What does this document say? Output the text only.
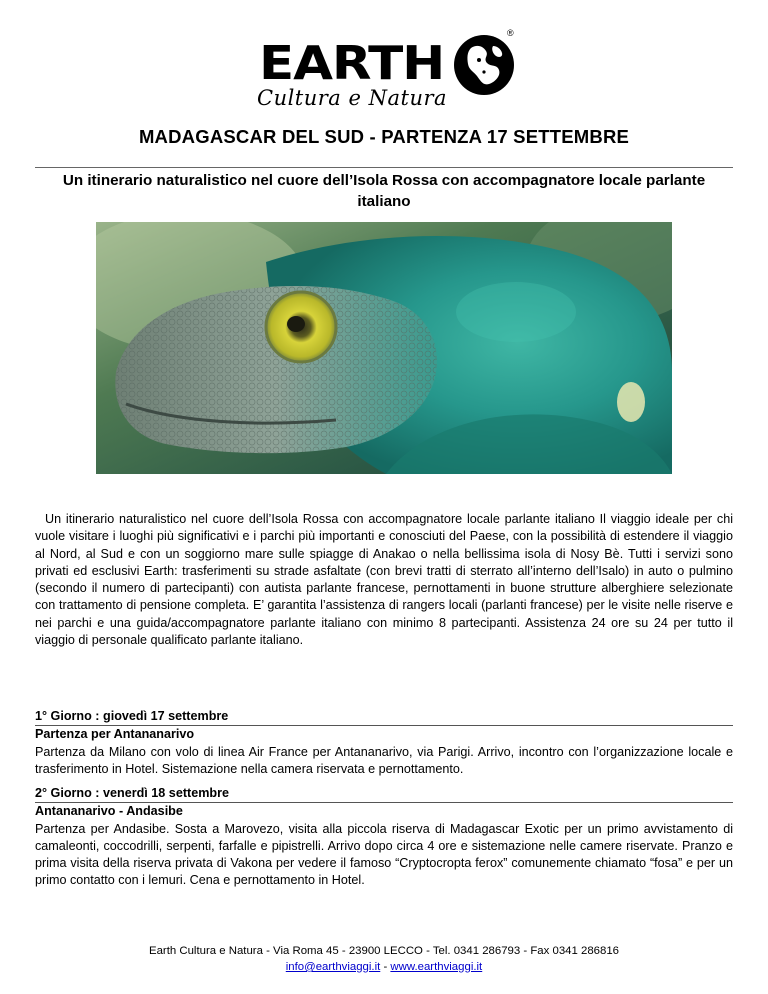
EARTH
®
Cultura e Natura
MADAGASCAR DEL SUD - PARTENZA 17 SETTEMBRE
Un itinerario naturalistico nel cuore dell’Isola Rossa con accompagnatore locale parlante italiano
Un itinerario naturalistico nel cuore dell’Isola Rossa con accompagnatore locale parlante italiano Il viaggio ideale per chi vuole visitare i luoghi più significativi e i parchi più importanti e conosciuti del Paese, con la possibilità di estendere il viaggio al Nord, al Sud e con un soggiorno mare sulle spiagge di Anakao o nella bellissima isola di Nosy Bè. Tutti i servizi sono privati ed esclusivi Earth: trasferimenti su strade asfaltate (con brevi tratti di sterrato all’interno dell’Isalo) in auto o pulmino (secondo il numero di partecipanti) con autista parlante francese, pernottamenti in buone strutture alberghiere selezionate con trattamento di pensione completa. E’ garantita l’assistenza di rangers locali (parlanti francese) per le visite nelle riserve e nei parchi e una guida/accompagnatore parlante italiano con minimo 8 partecipanti. Assistenza 24 ore su 24 per tutto il viaggio di personale qualificato parlante italiano.
1° Giorno : giovedì 17 settembre
Partenza per Antananarivo
Partenza da Milano con volo di linea Air France per Antananarivo, via Parigi. Arrivo, incontro con l’organizzazione locale e trasferimento in Hotel. Sistemazione nella camera riservata e pernottamento.
2° Giorno : venerdì 18 settembre
Antananarivo - Andasibe
Partenza per Andasibe. Sosta a Marovezo, visita alla piccola riserva di Madagascar Exotic per un primo avvistamento di camaleonti, coccodrilli, serpenti, farfalle e pipistrelli. Arrivo dopo circa 4 ore e sistemazione nelle camere riservate. Pranzo e prima visita della riserva privata di Vakona per vedere il famoso “Cryptocropta ferox” comunemente chiamato “fosa” e per un primo contatto con i lemuri. Cena e pernottamento in Hotel.
Earth Cultura e Natura - Via Roma 45 - 23900 LECCO - Tel. 0341 286793 - Fax 0341 286816
info@earthviaggi.it - www.earthviaggi.it
